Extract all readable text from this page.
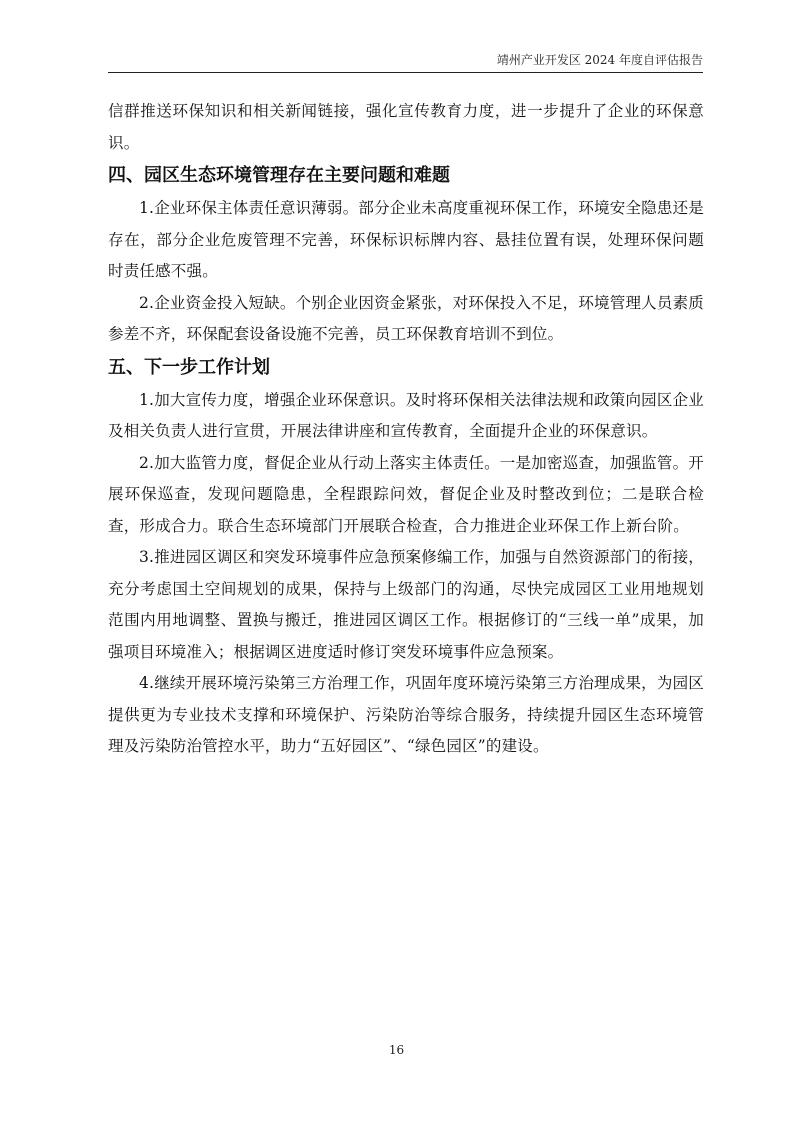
靖州产业开发区 2024 年度自评估报告

信群推送环保知识和相关新闻链接，强化宣传教育力度，进一步提升了企业的环保意识。

四、园区生态环境管理存在主要问题和难题

1.企业环保主体责任意识薄弱。部分企业未高度重视环保工作，环境安全隐患还是存在，部分企业危废管理不完善，环保标识标牌内容、悬挂位置有误，处理环保问题时责任感不强。

2.企业资金投入短缺。个别企业因资金紧张，对环保投入不足，环境管理人员素质参差不齐，环保配套设备设施不完善，员工环保教育培训不到位。

五、下一步工作计划

1.加大宣传力度，增强企业环保意识。及时将环保相关法律法规和政策向园区企业及相关负责人进行宣贯，开展法律讲座和宣传教育，全面提升企业的环保意识。

2.加大监管力度，督促企业从行动上落实主体责任。一是加密巡查，加强监管。开展环保巡查，发现问题隐患，全程跟踪问效，督促企业及时整改到位；二是联合检查，形成合力。联合生态环境部门开展联合检查，合力推进企业环保工作上新台阶。

3.推进园区调区和突发环境事件应急预案修编工作，加强与自然资源部门的衔接，充分考虑国土空间规划的成果，保持与上级部门的沟通，尽快完成园区工业用地规划范围内用地调整、置换与搬迁，推进园区调区工作。根据修订的“三线一单”成果，加强项目环境准入；根据调区进度适时修订突发环境事件应急预案。

4.继续开展环境污染第三方治理工作，巩固年度环境污染第三方治理成果，为园区提供更为专业技术支撑和环境保护、污染防治等综合服务，持续提升园区生态环境管理及污染防治管控水平，助力“五好园区”、“绿色园区”的建设。

16
